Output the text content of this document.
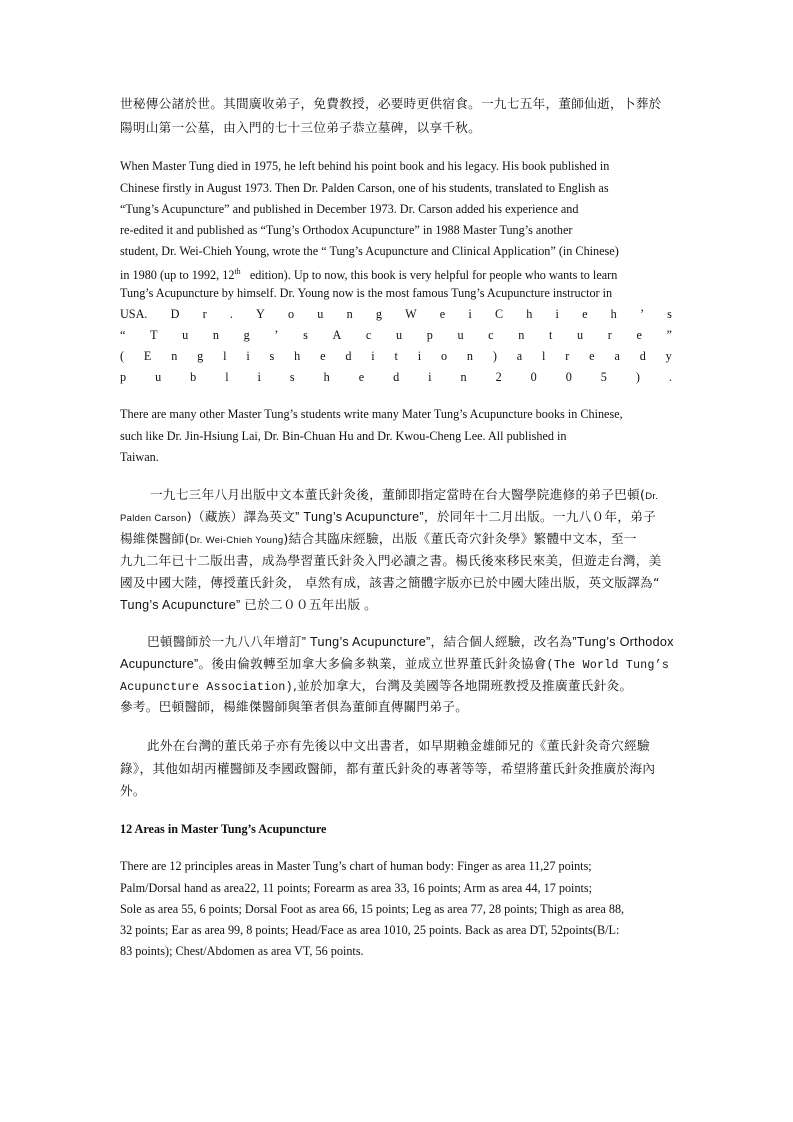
世秘傳公諸於世。其間廣收弟子，免費教授，必要時更供宿食。一九七五年，董師仙逝，卜葬於
陽明山第一公墓，由入門的七十三位弟子恭立墓碑，以享千秋。
When Master Tung died in 1975, he left behind his point book and his legacy. His book published in
Chinese firstly in August 1973. Then Dr. Palden Carson, one of his students, translated to English as
“Tung’s Acupuncture” and published in December 1973. Dr. Carson added his experience and
re-edited it and published as “Tung’s Orthodox Acupuncture” in 1988 Master Tung’s another
student, Dr. Wei-Chieh Young, wrote the “ Tung’s Acupuncture and Clinical Application” (in Chinese)
in 1980 (up to 1992, 12th edition). Up to now, this book is very helpful for people who wants to learn
Tung’s Acupuncture by himself. Dr. Young now is the most famous Tung’s Acupuncture instructor in
USA. D r . Y o u n g W e i C h i e h ’ s
“ T u n g ’ s A c u p u c n t u r e ”
( E n g l i s h e d i t i o n ) a l r e a d y
p u b l i s h e d i n 2 0 0 5 ) .
There are many other Master Tung’s students write many Mater Tung’s Acupuncture books in Chinese,
such like Dr. Jin-Hsiung Lai, Dr. Bin-Chuan Hu and Dr. Kwou-Cheng Lee. All published in
Taiwan.
一九七三年八月出版中文本董氏針灸後，董師即指定當時在台大醫學院進修的弟子巴頓(Dr.
Palden Carson)（藏族）譯為英文” Tung’s Acupuncture”，於同年十二月出版。一九八０年，弟子
楊維傑醫師(Dr. Wei-Chieh Young)結合其臨床經驗，出版《董氏奇穴針灸學》繁體中文本，至一
九九二年已十二版出書，成為學習董氏針灸入門必讀之書。楊氏後來移民來美，但遊走台灣，美
國及中國大陸，傳授董氏針灸， 卓然有成，該書之簡體字版亦已於中國大陸出版，英文版譯為“
Tung’s Acupuncture” 已於二００五年出版 。
巴頓醫師於一九八八年增訂” Tung’s Acupuncture”，結合個人經驗，改名為”Tung’s Orthodox
Acupuncture”。後由倫敦轉至加拿大多倫多執業，並成立世界董氏針灸協會(The World Tung’s
Acupuncture Association),並於加拿大，台灣及美國等各地開班教授及推廣董氏針灸。
參考。巴頓醫師，楊維傑醫師與筆者俱為董師直傳關門弟子。
此外在台灣的董氏弟子亦有先後以中文出書者，如早期賴金雄師兄的《董氏針灸奇穴經驗
錄》，其他如胡丙權醫師及李國政醫師，都有董氏針灸的專著等等，希望將董氏針灸推廣於海內
外。
12 Areas in Master Tung’s Acupuncture
There are 12 principles areas in Master Tung’s chart of human body: Finger as area 11,27 points;
Palm/Dorsal hand as area22, 11 points; Forearm as area 33, 16 points; Arm as area 44, 17 points;
Sole as area 55, 6 points; Dorsal Foot as area 66, 15 points; Leg as area 77, 28 points; Thigh as area 88,
32 points; Ear as area 99, 8 points; Head/Face as area 1010, 25 points. Back as area DT, 52points(B/L:
83 points); Chest/Abdomen as area VT, 56 points.
